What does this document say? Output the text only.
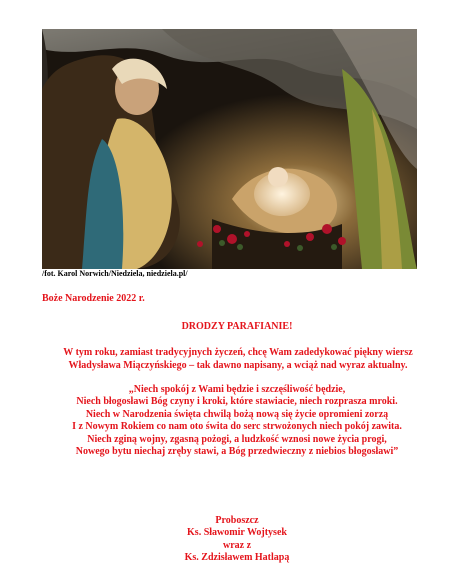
/fot. Karol Norwich/Niedziela, niedziela.pl/
Boże Narodzenie 2022 r.
DRODZY PARAFIANIE!
W tym roku, zamiast tradycyjnych życzeń, chcę Wam zadedykować piękny wiersz Władysława Miączyńskiego – tak dawno napisany, a wciąż nad wyraz aktualny.
„Niech spokój z Wami będzie i szczęśliwość będzie,
Niech błogosławi Bóg czyny i kroki, które stawiacie, niech rozprasza mroki.
Niech w Narodzenia święta chwilą bożą nową się życie opromieni zorzą
I z Nowym Rokiem co nam oto świta do serc strwożonych niech pokój zawita.
Niech zginą wojny, zgasną pożogi, a ludzkość wznosi nowe życia progi,
Nowego bytu niechaj zręby stawi, a Bóg przedwieczny z niebios błogosławi”
Proboszcz
Ks. Sławomir Wojtysek
wraz z
Ks. Zdzisławem Hatlapą
